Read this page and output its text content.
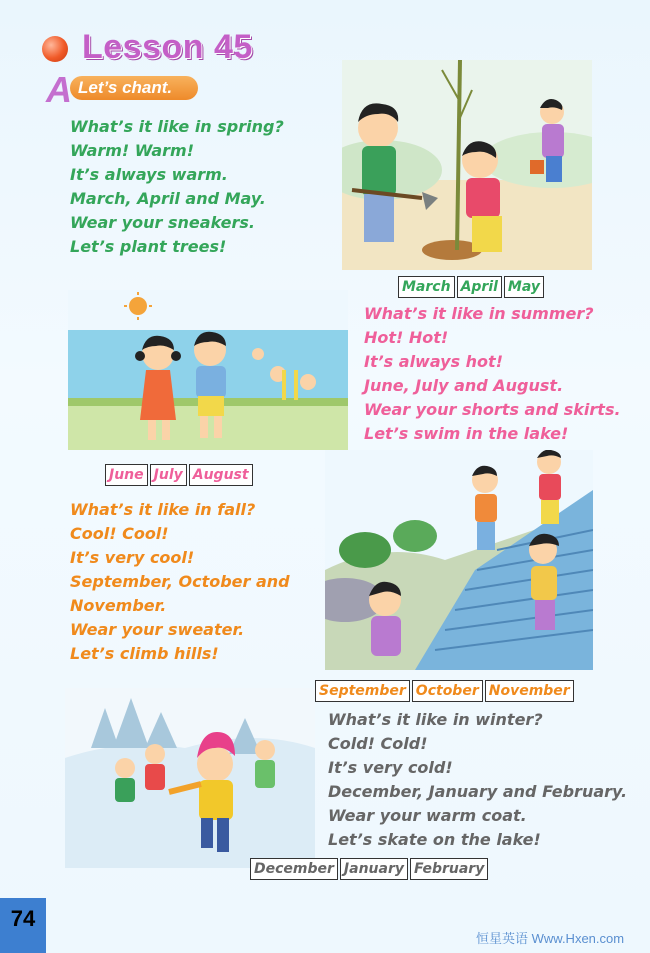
Lesson 45
Let’s chant.
A
What’s it like in spring?
Warm! Warm!
It’s always warm.
March, April and May.
Wear your sneakers.
Let’s plant trees!
March April May
What’s it like in summer?
Hot! Hot!
It’s always hot!
June, July and August.
Wear your shorts and skirts.
Let’s swim in the lake!
June July August
What’s it like in fall?
Cool! Cool!
It’s very cool!
September, October and
November.
Wear your sweater.
Let’s climb hills!
September October November
What’s it like in winter?
Cold! Cold!
It’s very cold!
December, January and February.
Wear your warm coat.
Let’s skate on the lake!
December January February
74
恒星英语 Www.Hxen.com
